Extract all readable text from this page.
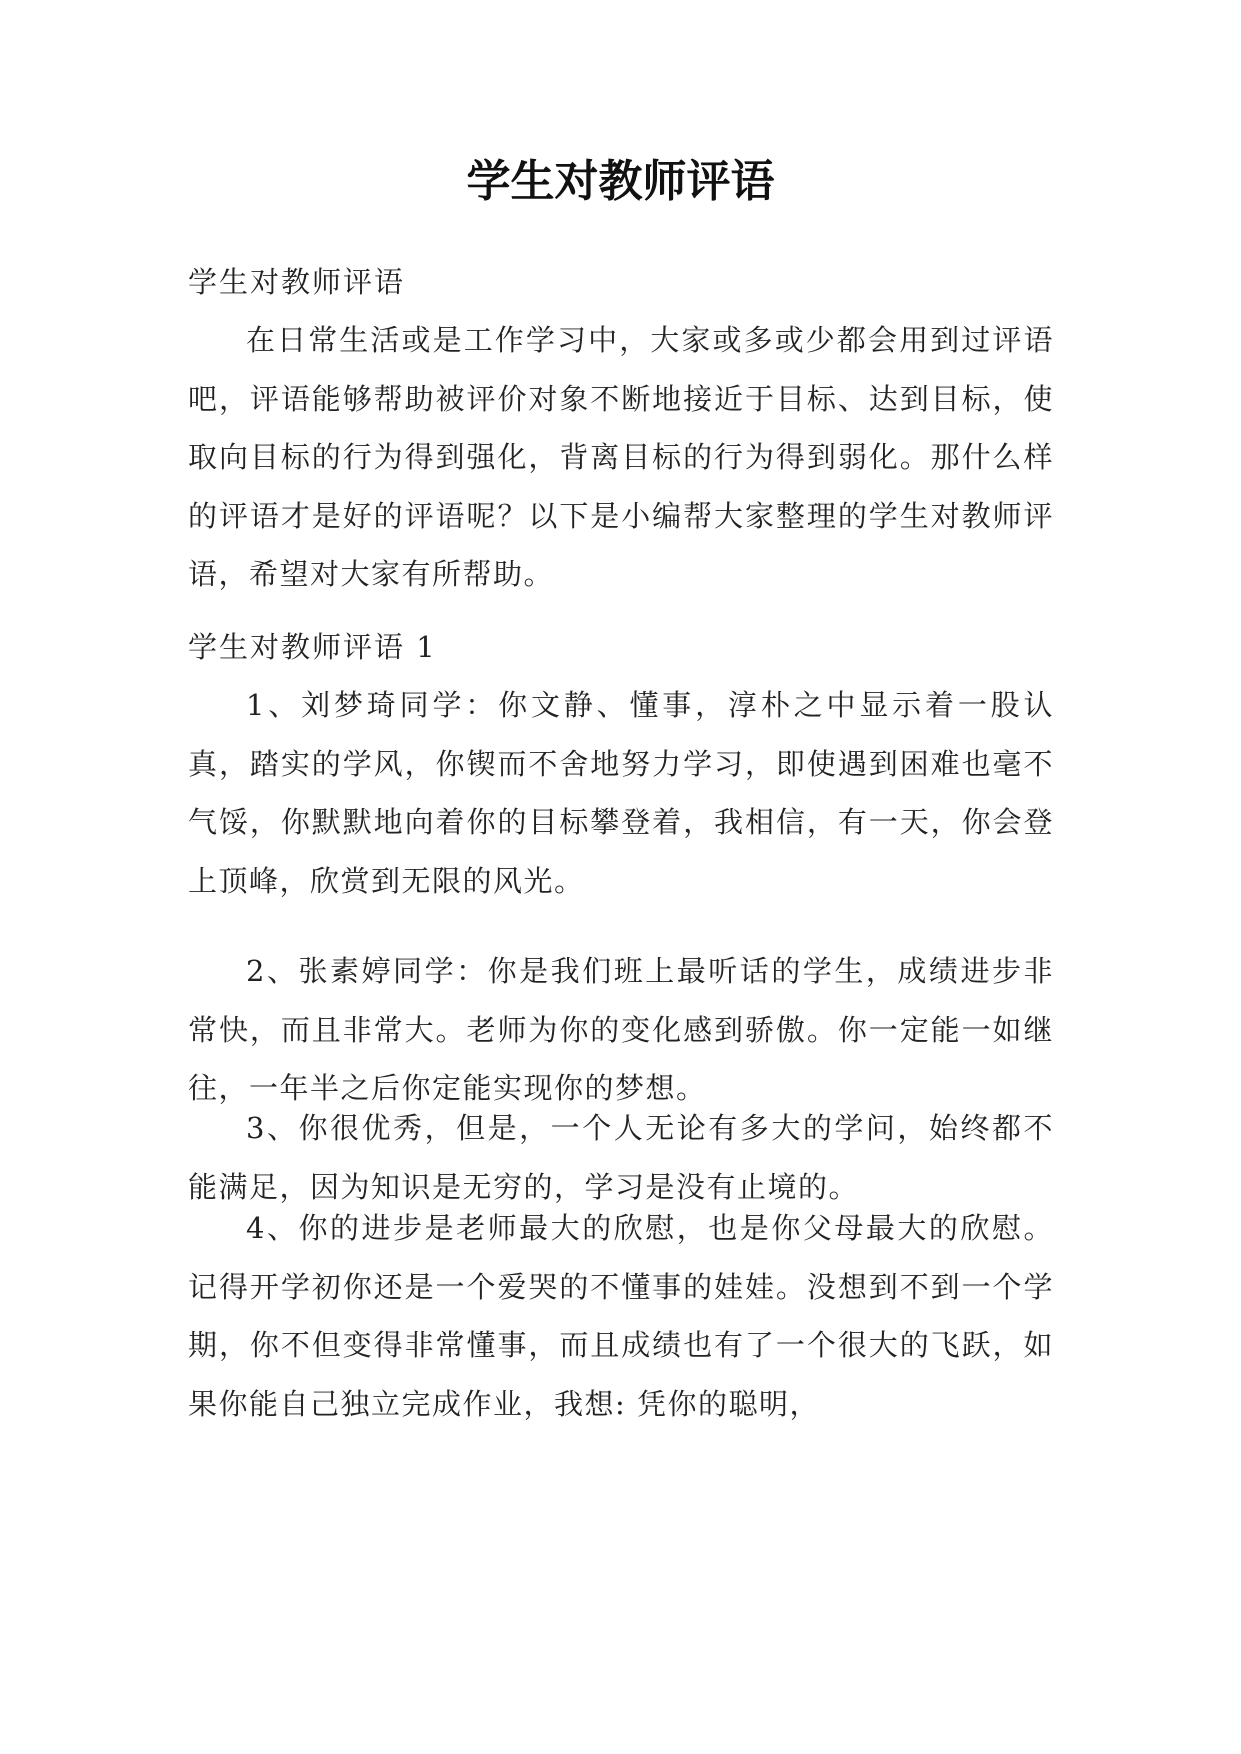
学生对教师评语

学生对教师评语

在日常生活或是工作学习中，大家或多或少都会用到过评语吧，评语能够帮助被评价对象不断地接近于目标、达到目标，使取向目标的行为得到强化，背离目标的行为得到弱化。那什么样的评语才是好的评语呢？以下是小编帮大家整理的学生对教师评语，希望对大家有所帮助。

学生对教师评语 1

1、刘梦琦同学：你文静、懂事，淳朴之中显示着一股认真，踏实的学风，你锲而不舍地努力学习，即使遇到困难也毫不气馁，你默默地向着你的目标攀登着，我相信，有一天，你会登上顶峰，欣赏到无限的风光。

2、张素婷同学：你是我们班上最听话的学生，成绩进步非常快，而且非常大。老师为你的变化感到骄傲。你一定能一如继往，一年半之后你定能实现你的梦想。

3、你很优秀，但是，一个人无论有多大的学问，始终都不能满足，因为知识是无穷的，学习是没有止境的。

4、你的进步是老师最大的欣慰，也是你父母最大的欣慰。记得开学初你还是一个爱哭的不懂事的娃娃。没想到不到一个学期，你不但变得非常懂事，而且成绩也有了一个很大的飞跃，如果你能自己独立完成作业，我想: 凭你的聪明，
